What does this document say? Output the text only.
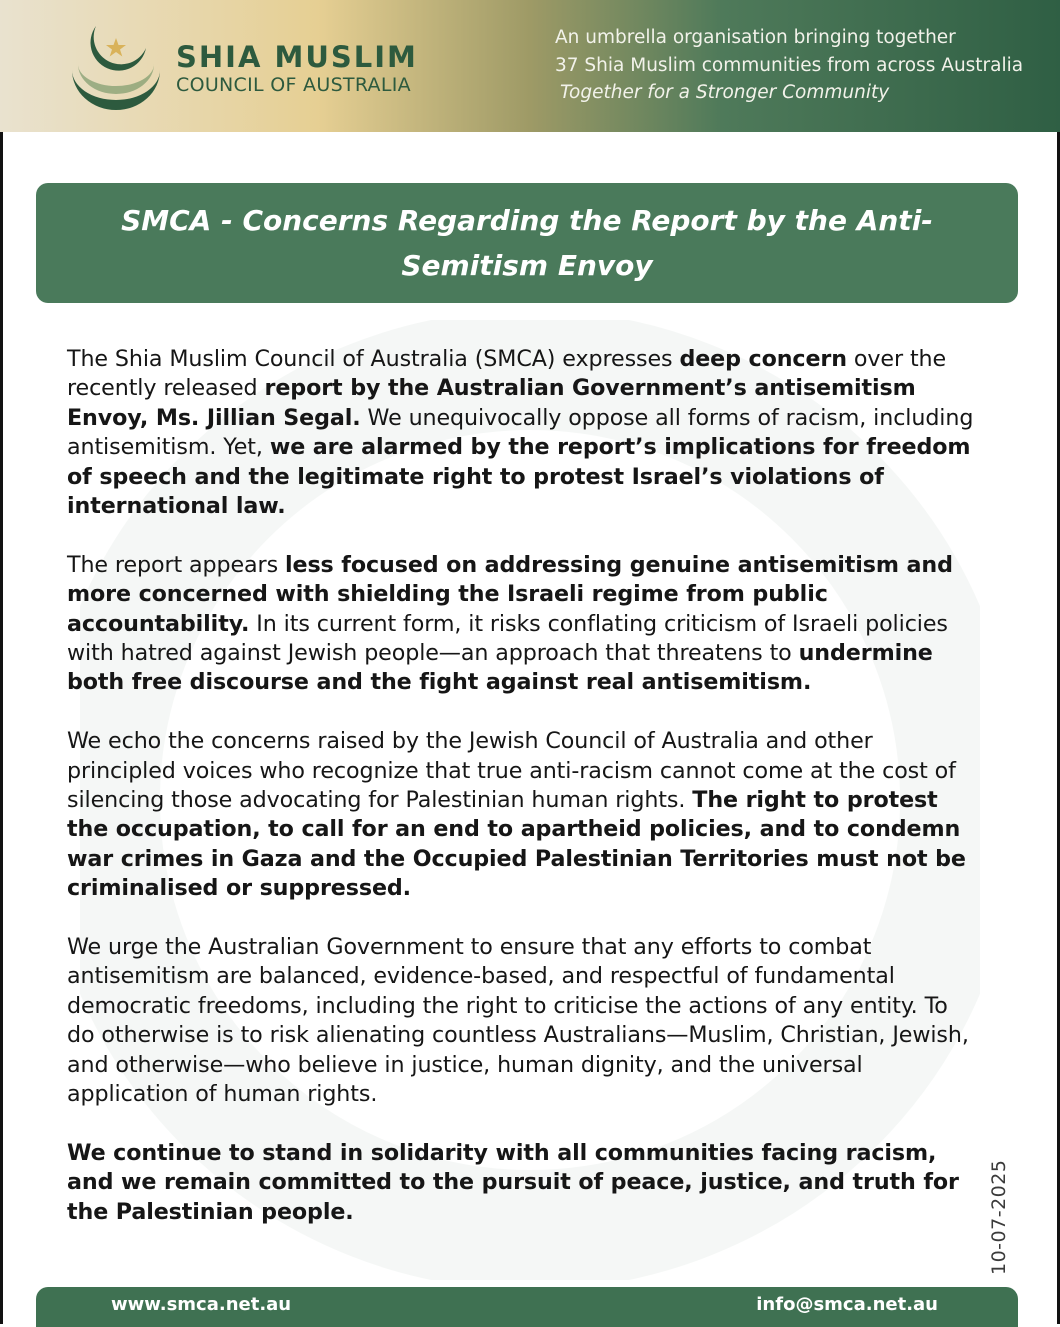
SHIA MUSLIM
COUNCIL OF AUSTRALIA
An umbrella organisation bringing together
37 Shia Muslim communities from across Australia
Together for a Stronger Community
SMCA - Concerns Regarding the Report by the Anti-Semitism Envoy

The Shia Muslim Council of Australia (SMCA) expresses deep concern over the recently released report by the Australian Government’s antisemitism Envoy, Ms. Jillian Segal. We unequivocally oppose all forms of racism, including antisemitism. Yet, we are alarmed by the report’s implications for freedom of speech and the legitimate right to protest Israel’s violations of international law.

The report appears less focused on addressing genuine antisemitism and more concerned with shielding the Israeli regime from public accountability. In its current form, it risks conflating criticism of Israeli policies with hatred against Jewish people—an approach that threatens to undermine both free discourse and the fight against real antisemitism.

We echo the concerns raised by the Jewish Council of Australia and other principled voices who recognize that true anti-racism cannot come at the cost of silencing those advocating for Palestinian human rights. The right to protest the occupation, to call for an end to apartheid policies, and to condemn war crimes in Gaza and the Occupied Palestinian Territories must not be criminalised or suppressed.

We urge the Australian Government to ensure that any efforts to combat antisemitism are balanced, evidence-based, and respectful of fundamental democratic freedoms, including the right to criticise the actions of any entity. To do otherwise is to risk alienating countless Australians—Muslim, Christian, Jewish, and otherwise—who believe in justice, human dignity, and the universal application of human rights.

We continue to stand in solidarity with all communities facing racism, and we remain committed to the pursuit of peace, justice, and truth for the Palestinian people.	10-07-2025
www.smca.net.au	info@smca.net.au
